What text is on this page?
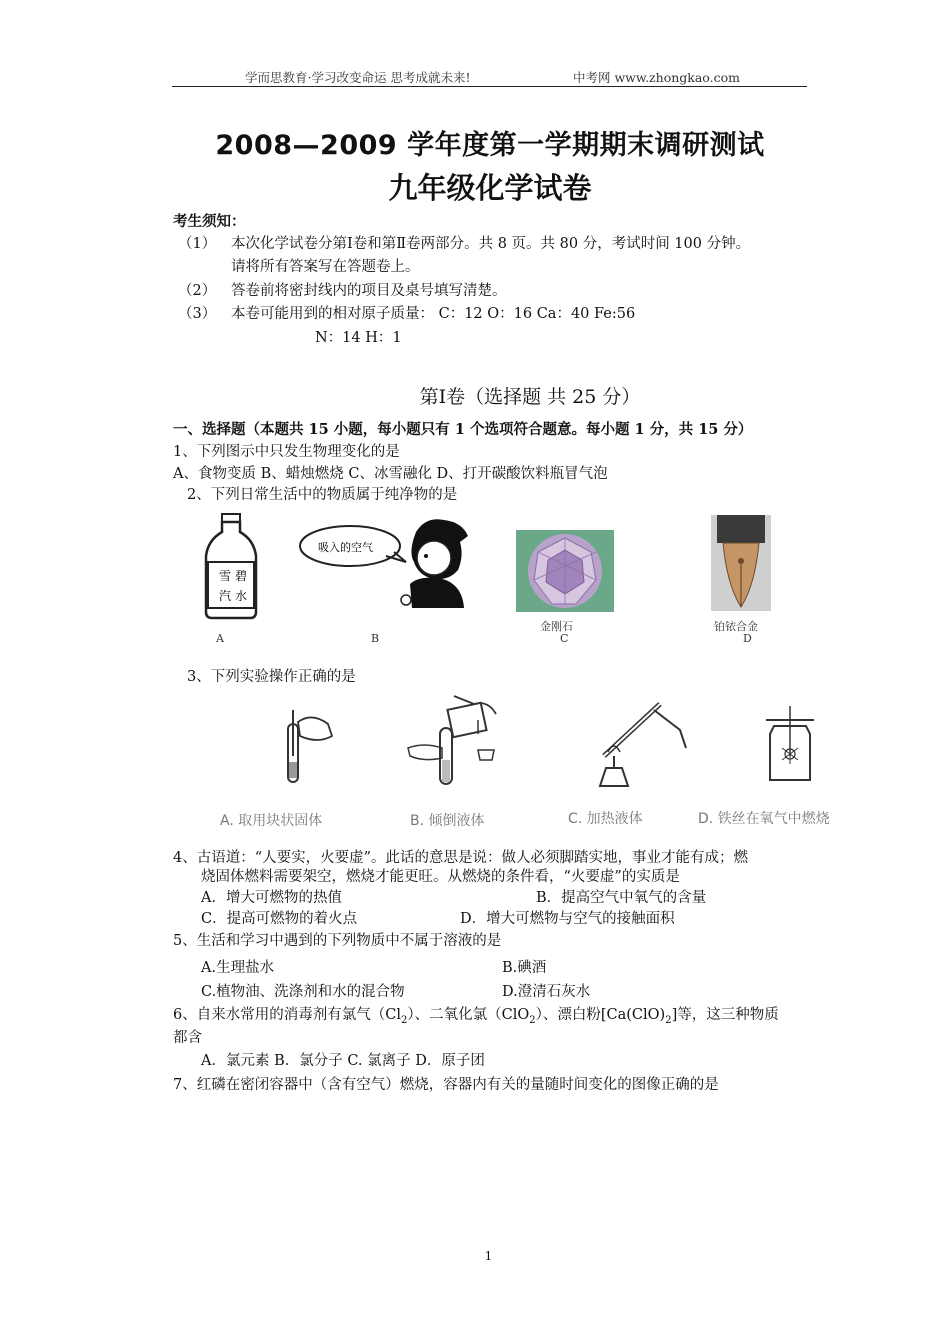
学而思教育·学习改变命运 思考成就未来!	中考网 www.zhongkao.com
2008—2009 学年度第一学期期末调研测试
九年级化学试卷
考生须知：
（1） 本次化学试卷分第Ⅰ卷和第Ⅱ卷两部分。共 8 页。共 80 分，考试时间 100 分钟。
请将所有答案写在答题卷上。
（2） 答卷前将密封线内的项目及桌号填写清楚。
（3） 本卷可能用到的相对原子质量： C：12 O：16 Ca：40 Fe:56
N：14 H：1
第Ⅰ卷（选择题 共 25 分）
一、选择题（本题共 15 小题，每小题只有 1 个选项符合题意。每小题 1 分，共 15 分）
1、下列图示中只发生物理变化的是
A、食物变质 B、蜡烛燃烧 C、冰雪融化 D、打开碳酸饮料瓶冒气泡
2、下列日常生活中的物质属于纯净物的是
雪 碧
汽 水
吸入的空气
A	B
金刚石
C
铂铱合金
D
3、下列实验操作正确的是
A. 取用块状固体	B. 倾倒液体	C. 加热液体	D. 铁丝在氧气中燃烧
4、古语道：“人要实，火要虚”。此话的意思是说：做人必须脚踏实地，事业才能有成；燃
烧固体燃料需要架空，燃烧才能更旺。从燃烧的条件看，“火要虚”的实质是
A．增大可燃物的热值	B．提高空气中氧气的含量
C．提高可燃物的着火点	D．增大可燃物与空气的接触面积
5、生活和学习中遇到的下列物质中不属于溶液的是
A.生理盐水	B.碘酒
C.植物油、洗涤剂和水的混合物	D.澄清石灰水
6、自来水常用的消毒剂有氯气$(Cl_2)$、二氧化氯（ClO$_2$）、漂白粉$[Ca(ClO)_2]$等，这三种物质
都含
A．氯元素 B．氯分子 C. 氯离子 D．原子团
7、红磷在密闭容器中（含有空气）燃烧，容器内有关的量随时间变化的图像正确的是
1
